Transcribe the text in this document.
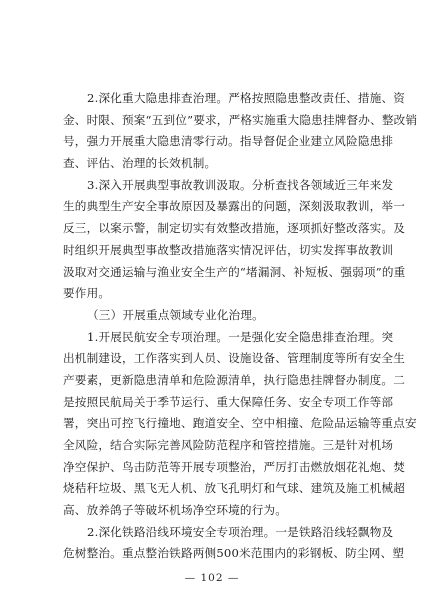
2.深化重大隐患排查治理。严格按照隐患整改责任、措施、资
金、时限、预案“五到位”要求，严格实施重大隐患挂牌督办、整改销
号，强力开展重大隐患清零行动。指导督促企业建立风险隐患排
查、评估、治理的长效机制。
3.深入开展典型事故教训汲取。分析查找各领域近三年来发
生的典型生产安全事故原因及暴露出的问题，深刻汲取教训，举一
反三，以案示警，制定切实有效整改措施，逐项抓好整改落实。及
时组织开展典型事故整改措施落实情况评估，切实发挥事故教训
汲取对交通运输与渔业安全生产的“堵漏洞、补短板、强弱项”的重
要作用。
（三）开展重点领域专业化治理。
1.开展民航安全专项治理。一是强化安全隐患排查治理。突
出机制建设，工作落实到人员、设施设备、管理制度等所有安全生
产要素，更新隐患清单和危险源清单，执行隐患挂牌督办制度。二
是按照民航局关于季节运行、重大保障任务、安全专项工作等部
署，突出可控飞行撞地、跑道安全、空中相撞、危险品运输等重点安
全风险，结合实际完善风险防范程序和管控措施。三是针对机场
净空保护、鸟击防范等开展专项整治，严厉打击燃放烟花礼炮、焚
烧秸秆垃圾、黑飞无人机、放飞孔明灯和气球、建筑及施工机械超
高、放养鸽子等破坏机场净空环境的行为。
2.深化铁路沿线环境安全专项治理。一是铁路沿线轻飘物及
危树整治。重点整治铁路两侧500米范围内的彩钢板、防尘网、塑
— 102 —
